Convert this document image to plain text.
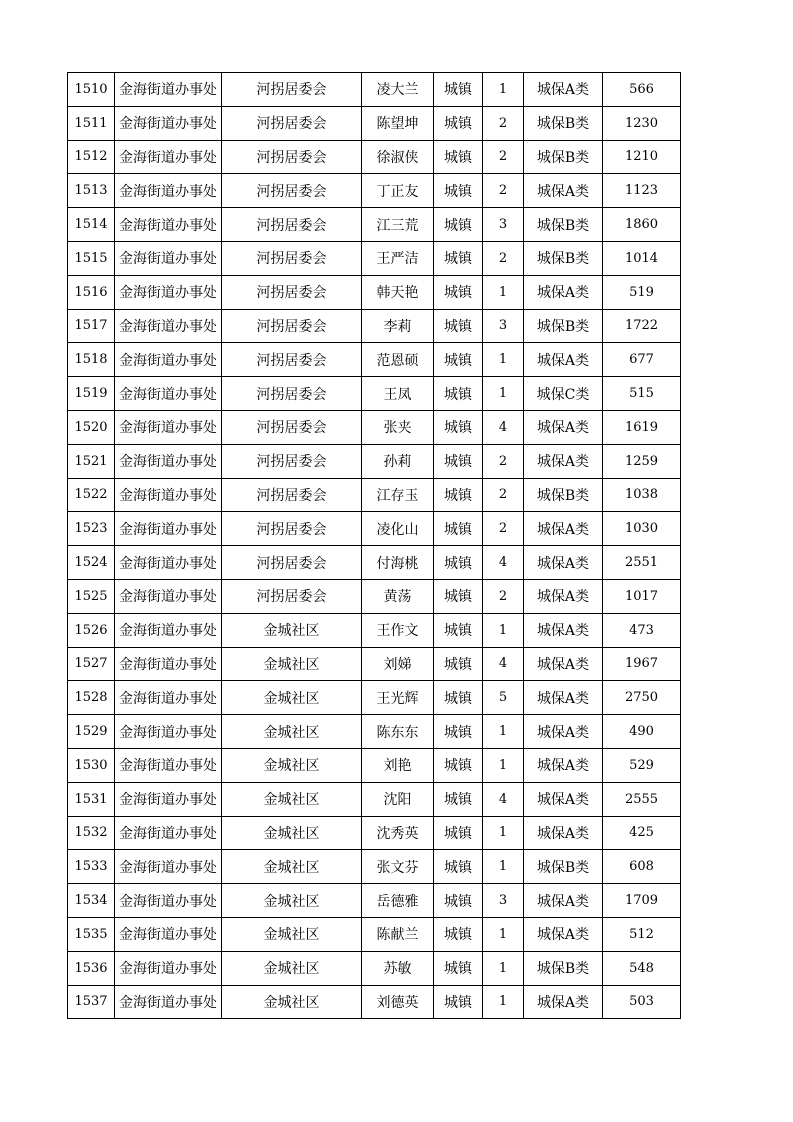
1510	金海街道办事处	河拐居委会	凌大兰	城镇	1	城保A类	566
1511	金海街道办事处	河拐居委会	陈望坤	城镇	2	城保B类	1230
1512	金海街道办事处	河拐居委会	徐淑侠	城镇	2	城保B类	1210
1513	金海街道办事处	河拐居委会	丁正友	城镇	2	城保A类	1123
1514	金海街道办事处	河拐居委会	江三荒	城镇	3	城保B类	1860
1515	金海街道办事处	河拐居委会	王严洁	城镇	2	城保B类	1014
1516	金海街道办事处	河拐居委会	韩天艳	城镇	1	城保A类	519
1517	金海街道办事处	河拐居委会	李莉	城镇	3	城保B类	1722
1518	金海街道办事处	河拐居委会	范恩硕	城镇	1	城保A类	677
1519	金海街道办事处	河拐居委会	王凤	城镇	1	城保C类	515
1520	金海街道办事处	河拐居委会	张夹	城镇	4	城保A类	1619
1521	金海街道办事处	河拐居委会	孙莉	城镇	2	城保A类	1259
1522	金海街道办事处	河拐居委会	江存玉	城镇	2	城保B类	1038
1523	金海街道办事处	河拐居委会	凌化山	城镇	2	城保A类	1030
1524	金海街道办事处	河拐居委会	付海桃	城镇	4	城保A类	2551
1525	金海街道办事处	河拐居委会	黄荡	城镇	2	城保A类	1017
1526	金海街道办事处	金城社区	王作文	城镇	1	城保A类	473
1527	金海街道办事处	金城社区	刘娣	城镇	4	城保A类	1967
1528	金海街道办事处	金城社区	王光辉	城镇	5	城保A类	2750
1529	金海街道办事处	金城社区	陈东东	城镇	1	城保A类	490
1530	金海街道办事处	金城社区	刘艳	城镇	1	城保A类	529
1531	金海街道办事处	金城社区	沈阳	城镇	4	城保A类	2555
1532	金海街道办事处	金城社区	沈秀英	城镇	1	城保A类	425
1533	金海街道办事处	金城社区	张文芬	城镇	1	城保B类	608
1534	金海街道办事处	金城社区	岳德雅	城镇	3	城保A类	1709
1535	金海街道办事处	金城社区	陈献兰	城镇	1	城保A类	512
1536	金海街道办事处	金城社区	苏敏	城镇	1	城保B类	548
1537	金海街道办事处	金城社区	刘德英	城镇	1	城保A类	503
